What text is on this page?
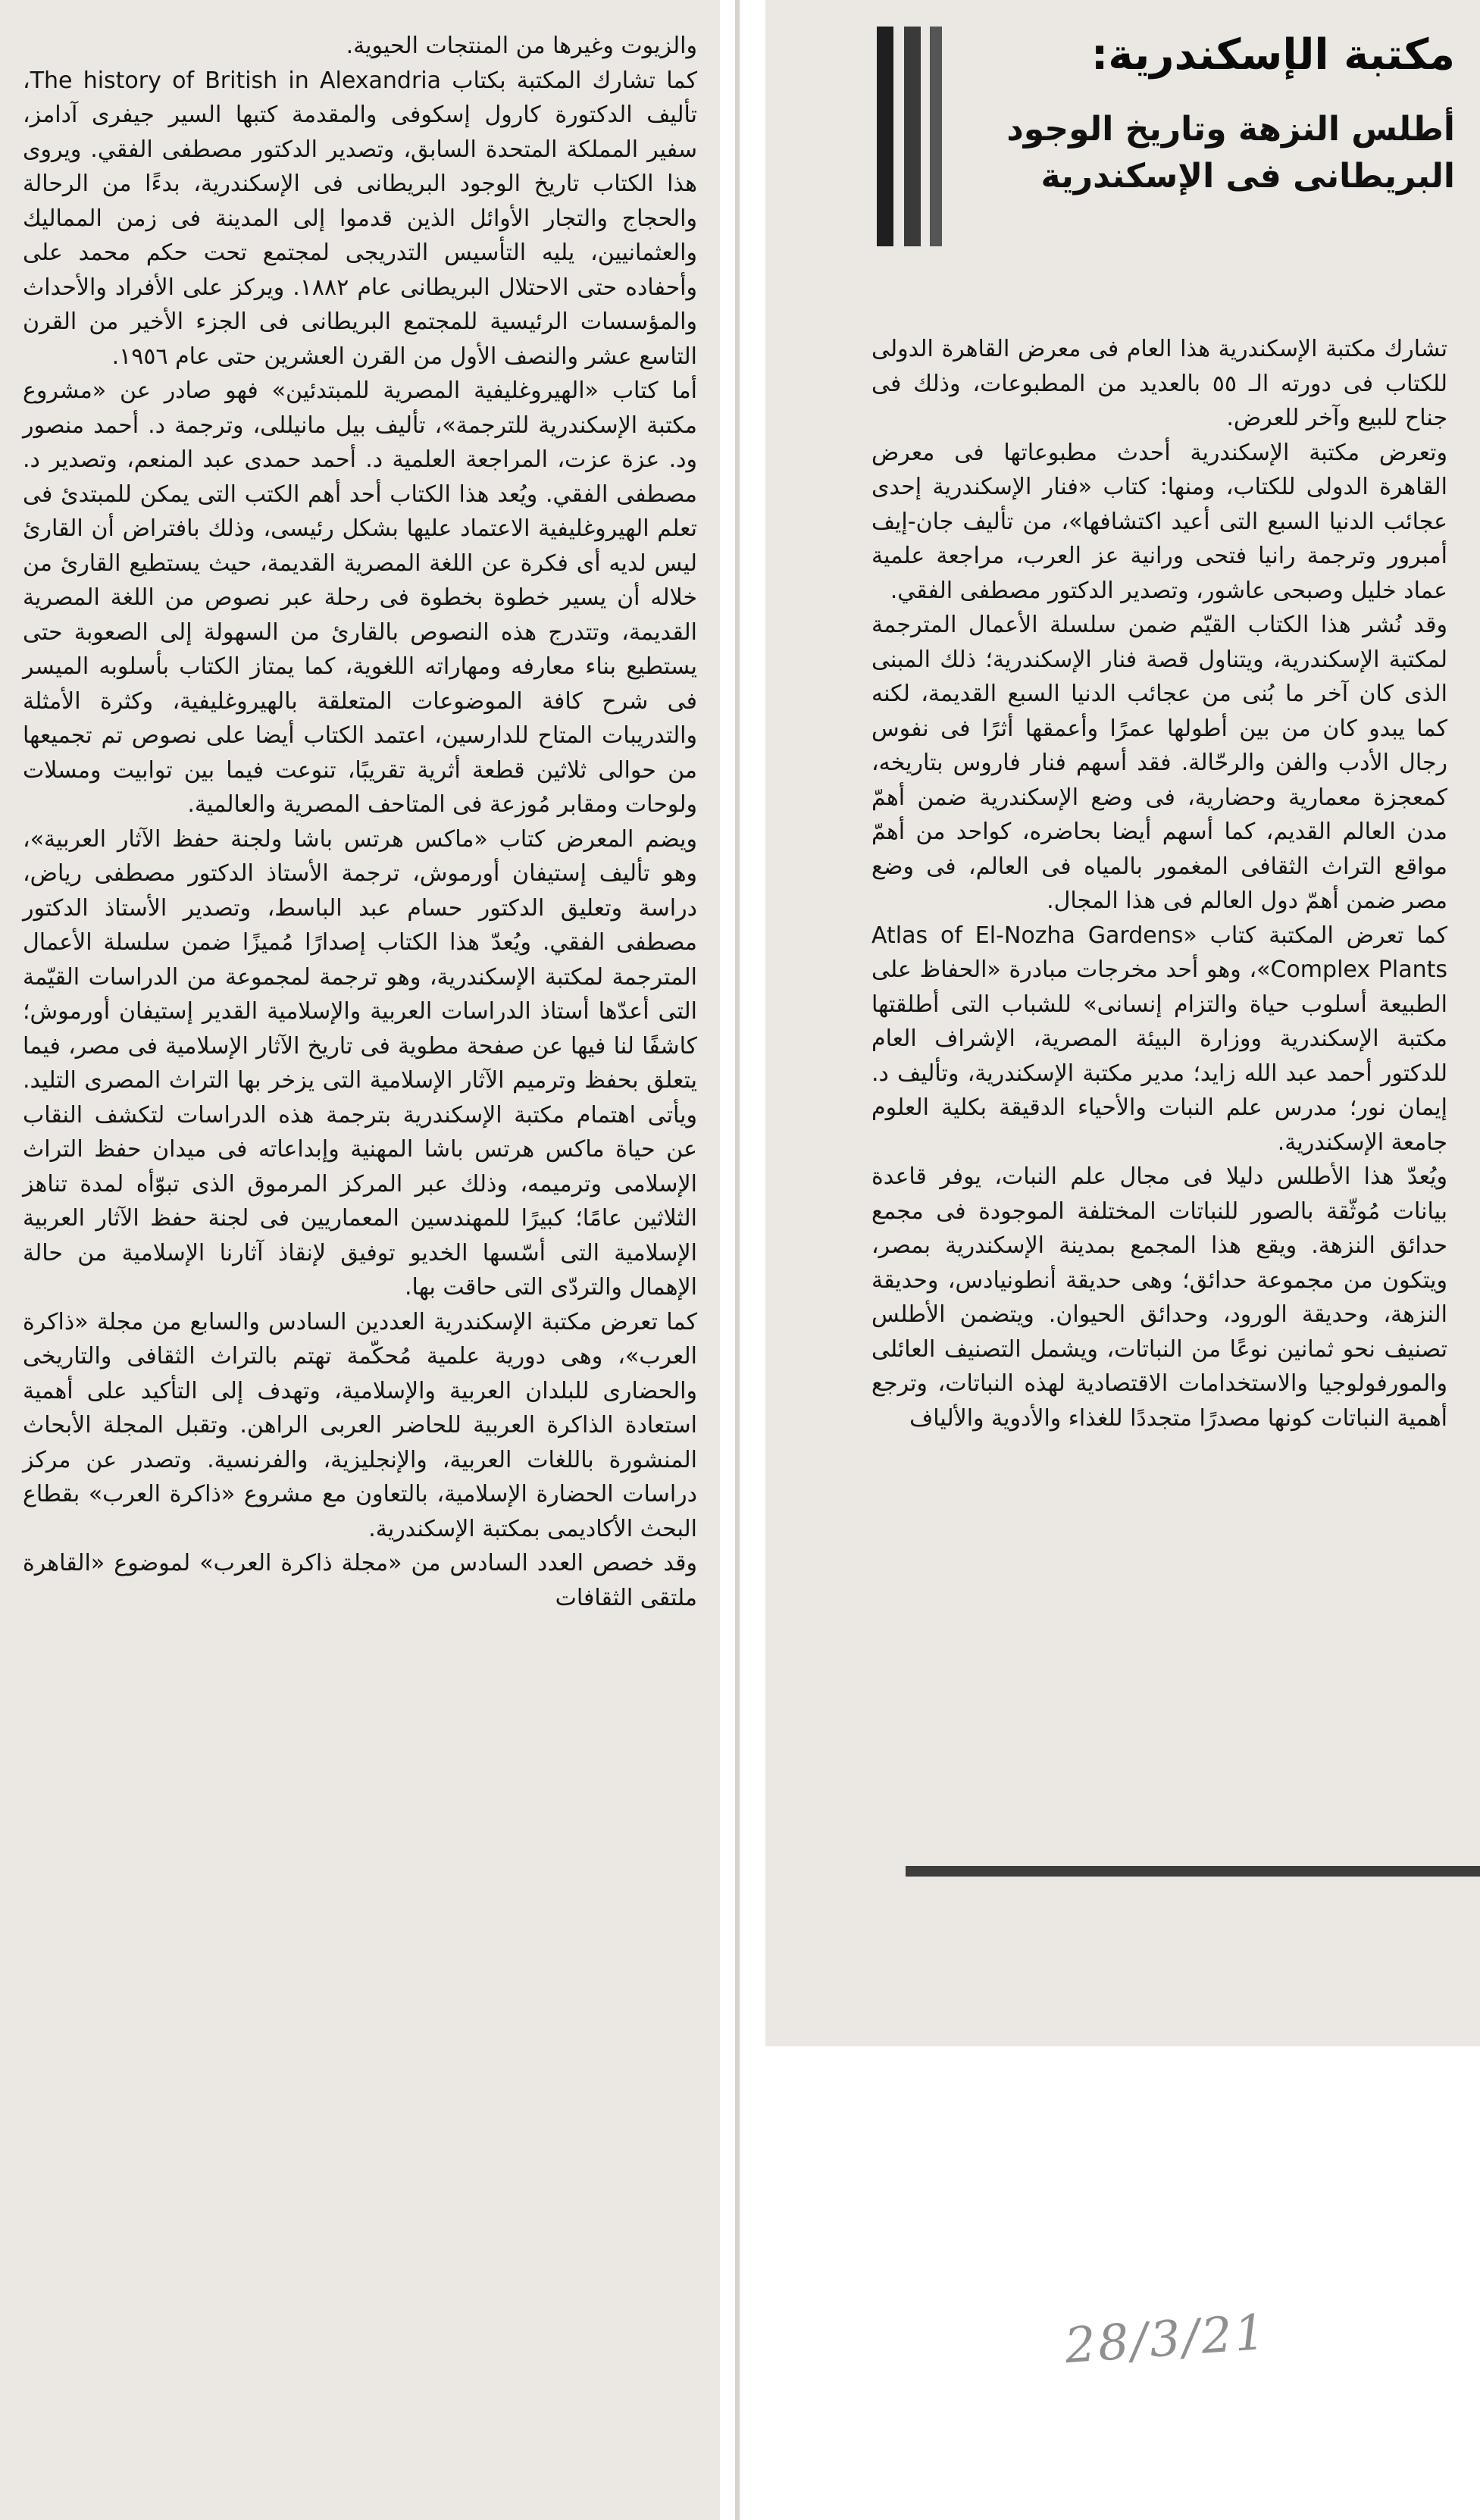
مكتبة الإسكندرية:
أطلس النزهة وتاريخ الوجود
البريطانى فى الإسكندرية
تشارك مكتبة الإسكندرية هذا العام فى معرض القاهرة الدولى للكتاب فى دورته الـ ٥٥ بالعديد من المطبوعات، وذلك فى جناح للبيع وآخر للعرض.
وتعرض مكتبة الإسكندرية أحدث مطبوعاتها فى معرض القاهرة الدولى للكتاب، ومنها: كتاب «فنار الإسكندرية إحدى عجائب الدنيا السبع التى أعيد اكتشافها»، من تأليف جان-إيف أمبرور وترجمة رانيا فتحى ورانية عز العرب، مراجعة علمية عماد خليل وصبحى عاشور، وتصدير الدكتور مصطفى الفقي.
وقد نُشر هذا الكتاب القيّم ضمن سلسلة الأعمال المترجمة لمكتبة الإسكندرية، ويتناول قصة فنار الإسكندرية؛ ذلك المبنى الذى كان آخر ما بُنى من عجائب الدنيا السبع القديمة، لكنه كما يبدو كان من بين أطولها عمرًا وأعمقها أثرًا فى نفوس رجال الأدب والفن والرحّالة. فقد أسهم فنار فاروس بتاريخه، كمعجزة معمارية وحضارية، فى وضع الإسكندرية ضمن أهمّ مدن العالم القديم، كما أسهم أيضا بحاضره، كواحد من أهمّ مواقع التراث الثقافى المغمور بالمياه فى العالم، فى وضع مصر ضمن أهمّ دول العالم فى هذا المجال.
كما تعرض المكتبة كتاب «Atlas of El-Nozha Gardens Complex Plants»، وهو أحد مخرجات مبادرة «الحفاظ على الطبيعة أسلوب حياة والتزام إنسانى» للشباب التى أطلقتها مكتبة الإسكندرية ووزارة البيئة المصرية، الإشراف العام للدكتور أحمد عبد الله زايد؛ مدير مكتبة الإسكندرية، وتأليف د. إيمان نور؛ مدرس علم النبات والأحياء الدقيقة بكلية العلوم جامعة الإسكندرية.
ويُعدّ هذا الأطلس دليلا فى مجال علم النبات، يوفر قاعدة بيانات مُوثّقة بالصور للنباتات المختلفة الموجودة فى مجمع حدائق النزهة. ويقع هذا المجمع بمدينة الإسكندرية بمصر، ويتكون من مجموعة حدائق؛ وهى حديقة أنطونيادس، وحديقة النزهة، وحديقة الورود، وحدائق الحيوان. ويتضمن الأطلس تصنيف نحو ثمانين نوعًا من النباتات، ويشمل التصنيف العائلى والمورفولوجيا والاستخدامات الاقتصادية لهذه النباتات، وترجع أهمية النباتات كونها مصدرًا متجددًا للغذاء والأدوية والألياف
والزيوت وغيرها من المنتجات الحيوية.
كما تشارك المكتبة بكتاب The history of British in Alexandria، تأليف الدكتورة كارول إسكوفى والمقدمة كتبها السير جيفرى آدامز، سفير المملكة المتحدة السابق، وتصدير الدكتور مصطفى الفقي. ويروى هذا الكتاب تاريخ الوجود البريطانى فى الإسكندرية، بدءًا من الرحالة والحجاج والتجار الأوائل الذين قدموا إلى المدينة فى زمن المماليك والعثمانيين، يليه التأسيس التدريجى لمجتمع تحت حكم محمد على وأحفاده حتى الاحتلال البريطانى عام ١٨٨٢. ويركز على الأفراد والأحداث والمؤسسات الرئيسية للمجتمع البريطانى فى الجزء الأخير من القرن التاسع عشر والنصف الأول من القرن العشرين حتى عام ١٩٥٦.
أما كتاب «الهيروغليفية المصرية للمبتدئين» فهو صادر عن «مشروع مكتبة الإسكندرية للترجمة»، تأليف بيل مانيللى، وترجمة د. أحمد منصور ود. عزة عزت، المراجعة العلمية د. أحمد حمدى عبد المنعم، وتصدير د. مصطفى الفقي. ويُعد هذا الكتاب أحد أهم الكتب التى يمكن للمبتدئ فى تعلم الهيروغليفية الاعتماد عليها بشكل رئيسى، وذلك بافتراض أن القارئ ليس لديه أى فكرة عن اللغة المصرية القديمة، حيث يستطيع القارئ من خلاله أن يسير خطوة بخطوة فى رحلة عبر نصوص من اللغة المصرية القديمة، وتتدرج هذه النصوص بالقارئ من السهولة إلى الصعوبة حتى يستطيع بناء معارفه ومهاراته اللغوية، كما يمتاز الكتاب بأسلوبه الميسر فى شرح كافة الموضوعات المتعلقة بالهيروغليفية، وكثرة الأمثلة والتدريبات المتاح للدارسين، اعتمد الكتاب أيضا على نصوص تم تجميعها من حوالى ثلاثين قطعة أثرية تقريبًا، تنوعت فيما بين توابيت ومسلات ولوحات ومقابر مُوزعة فى المتاحف المصرية والعالمية.
ويضم المعرض كتاب «ماكس هرتس باشا ولجنة حفظ الآثار العربية»، وهو تأليف إستيفان أورموش، ترجمة الأستاذ الدكتور مصطفى رياض، دراسة وتعليق الدكتور حسام عبد الباسط، وتصدير الأستاذ الدكتور مصطفى الفقي. ويُعدّ هذا الكتاب إصدارًا مُميزًا ضمن سلسلة الأعمال المترجمة لمكتبة الإسكندرية، وهو ترجمة لمجموعة من الدراسات القيّمة التى أعدّها أستاذ الدراسات العربية والإسلامية القدير إستيفان أورموش؛ كاشفًا لنا فيها عن صفحة مطوية فى تاريخ الآثار الإسلامية فى مصر، فيما يتعلق بحفظ وترميم الآثار الإسلامية التى يزخر بها التراث المصرى التليد. ويأتى اهتمام مكتبة الإسكندرية بترجمة هذه الدراسات لتكشف النقاب عن حياة ماكس هرتس باشا المهنية وإبداعاته فى ميدان حفظ التراث الإسلامى وترميمه، وذلك عبر المركز المرموق الذى تبوّأه لمدة تناهز الثلاثين عامًا؛ كبيرًا للمهندسين المعماريين فى لجنة حفظ الآثار العربية الإسلامية التى أسّسها الخديو توفيق لإنقاذ آثارنا الإسلامية من حالة الإهمال والتردّى التى حاقت بها.
كما تعرض مكتبة الإسكندرية العددين السادس والسابع من مجلة «ذاكرة العرب»، وهى دورية علمية مُحكّمة تهتم بالتراث الثقافى والتاريخى والحضارى للبلدان العربية والإسلامية، وتهدف إلى التأكيد على أهمية استعادة الذاكرة العربية للحاضر العربى الراهن. وتقبل المجلة الأبحاث المنشورة باللغات العربية، والإنجليزية، والفرنسية. وتصدر عن مركز دراسات الحضارة الإسلامية، بالتعاون مع مشروع «ذاكرة العرب» بقطاع البحث الأكاديمى بمكتبة الإسكندرية.
وقد خصص العدد السادس من «مجلة ذاكرة العرب» لموضوع «القاهرة ملتقى الثقافات
28/3/21
